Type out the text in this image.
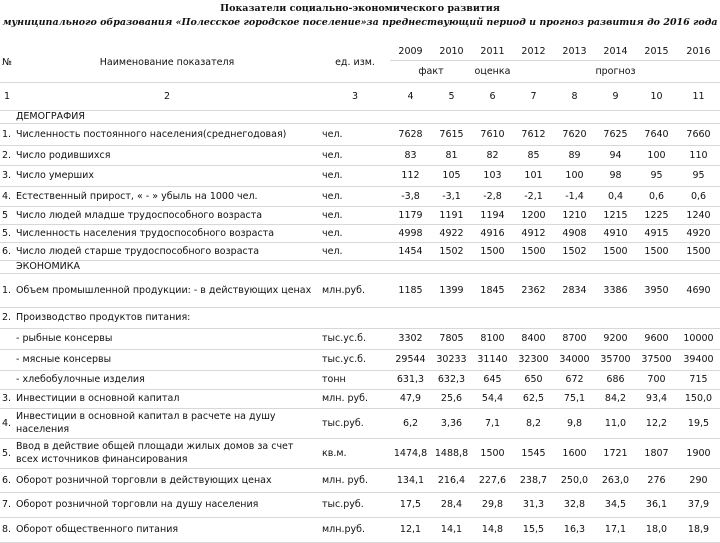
Показатели социально-экономического развития
муниципального образования «Полесское городское поселение»за преднествующий период и прогноз развития до 2016 года
№	Наименование показателя	ед. изм.	2009	2010	2011	2012	2013	2014	2015	2016
			факт		оценка		прогноз			
1	2	3	4	5	6	7	8	9	10	11
	ДЕМОГРАФИЯ									
1.	Численность постоянного населения(среднегодовая)	чел.	7628	7615	7610	7612	7620	7625	7640	7660
2.	Число родившихся	чел.	83	81	82	85	89	94	100	110
3.	Число умерших	чел.	112	105	103	101	100	98	95	95
4.	Естественный прирост, « - » убыль на 1000 чел.	чел.	-3,8	-3,1	-2,8	-2,1	-1,4	0,4	0,6	0,6
5	Число людей младше трудоспособного возраста	чел.	1179	1191	1194	1200	1210	1215	1225	1240
5.	Численность населения трудоспособного возраста	чел.	4998	4922	4916	4912	4908	4910	4915	4920
6.	Число людей старше трудоспособного возраста	чел.	1454	1502	1500	1500	1502	1500	1500	1500
	ЭКОНОМИКА									
1.	Объем промышленной продукции: - в действующих ценах	млн.руб.	1185	1399	1845	2362	2834	3386	3950	4690
2.	Производство продуктов питания:									
	- рыбные консервы	тыс.ус.б.	3302	7805	8100	8400	8700	9200	9600	10000
	- мясные консервы	тыс.ус.б.	29544	30233	31140	32300	34000	35700	37500	39400
	- хлебобулочные изделия	тонн	631,3	632,3	645	650	672	686	700	715
3.	Инвестиции в основной капитал	млн. руб.	47,9	25,6	54,4	62,5	75,1	84,2	93,4	150,0
4.	Инвестиции в основной капитал в расчете на душу населения	тыс.руб.	6,2	3,36	7,1	8,2	9,8	11,0	12,2	19,5
5.	Ввод в действие общей площади жилых домов за счет всех источников финансирования	кв.м.	1474,8	1488,8	1500	1545	1600	1721	1807	1900
6.	Оборот розничной торговли в действующих ценах	млн. руб.	134,1	216,4	227,6	238,7	250,0	263,0	276	290
7.	Оборот розничной торговли на душу населения	тыс.руб.	17,5	28,4	29,8	31,3	32,8	34,5	36,1	37,9
8.	Оборот общественного питания	млн.руб.	12,1	14,1	14,8	15,5	16,3	17,1	18,0	18,9
